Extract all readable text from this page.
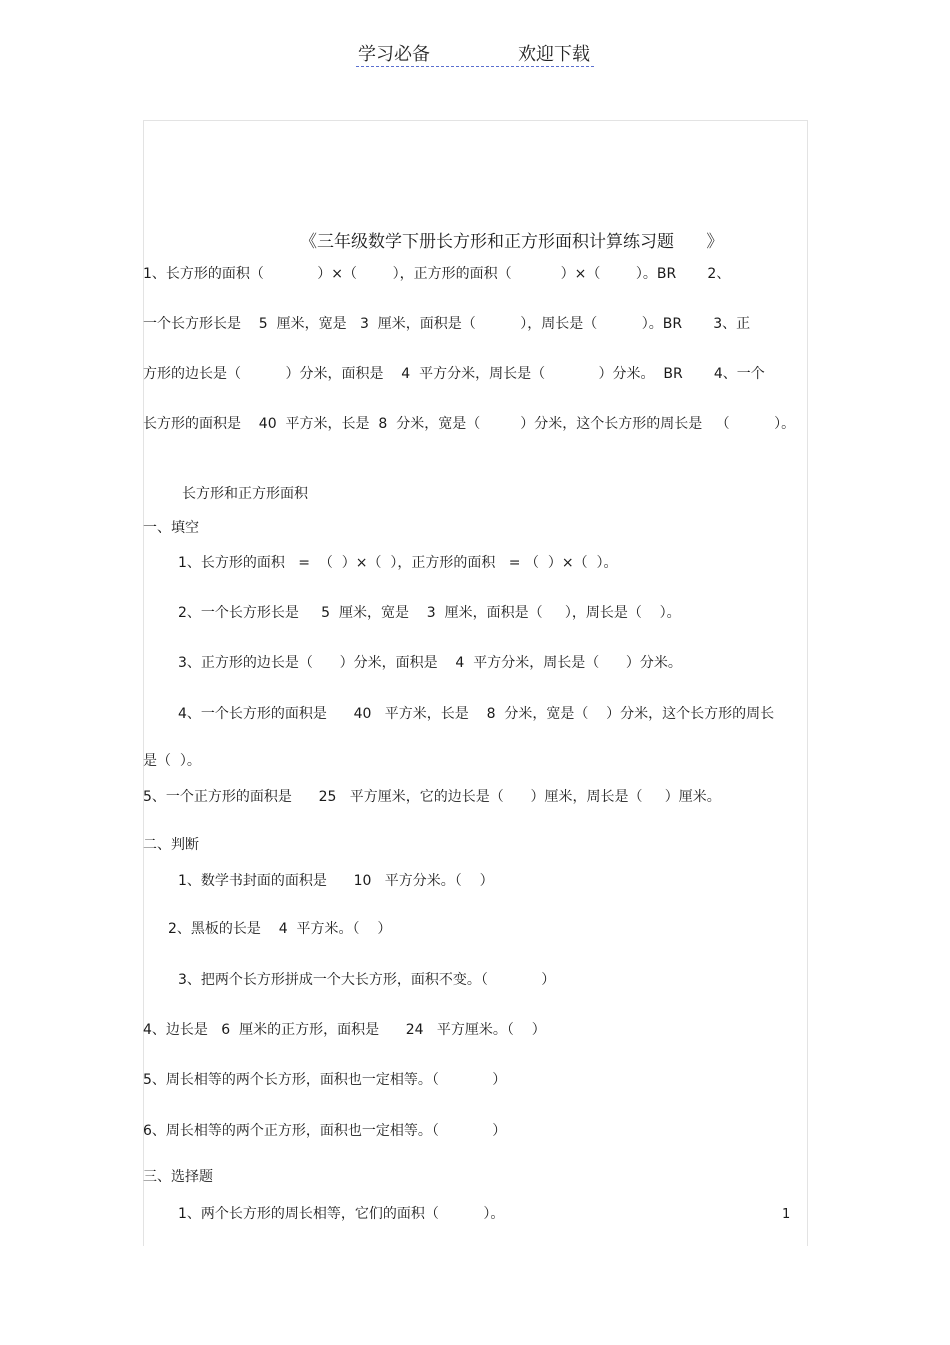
学习必备	欢迎下载
《三年级数学下册长方形和正方形面积计算练习题      》
1、长方形的面积（            ）×（        ），正方形的面积（           ）×（        ）。BR       2、
一个长方形长是    5  厘米，宽是   3  厘米，面积是（          ），周长是（          ）。BR       3、正
方形的边长是（          ）分米，面积是    4  平方分米，周长是（            ）分米。  BR       4、一个
长方形的面积是    40  平方米，长是  8  分米，宽是（         ）分米，这个长方形的周长是   （          ）。
长方形和正方形面积
一、填空
1、长方形的面积   =  （  ）×（  ），正方形的面积   = （  ）×（  ）。
2、一个长方形长是     5  厘米，宽是    3  厘米，面积是（     ），周长是（    ）。
3、正方形的边长是（      ）分米，面积是    4  平方分米，周长是（      ）分米。
4、一个长方形的面积是      40   平方米，长是    8  分米，宽是（    ）分米，这个长方形的周长
是（  ）。
5、一个正方形的面积是      25   平方厘米，它的边长是（      ）厘米，周长是（     ）厘米。
二、判断
1、数学书封面的面积是      10   平方分米。（    ）
2、黑板的长是    4  平方米。（    ）
3、把两个长方形拼成一个大长方形，面积不变。（            ）
4、边长是   6  厘米的正方形，面积是      24   平方厘米。（    ）
5、周长相等的两个长方形，面积也一定相等。（            ）
6、周长相等的两个正方形，面积也一定相等。（            ）
三、选择题
1、两个长方形的周长相等，它们的面积（          ）。	1
